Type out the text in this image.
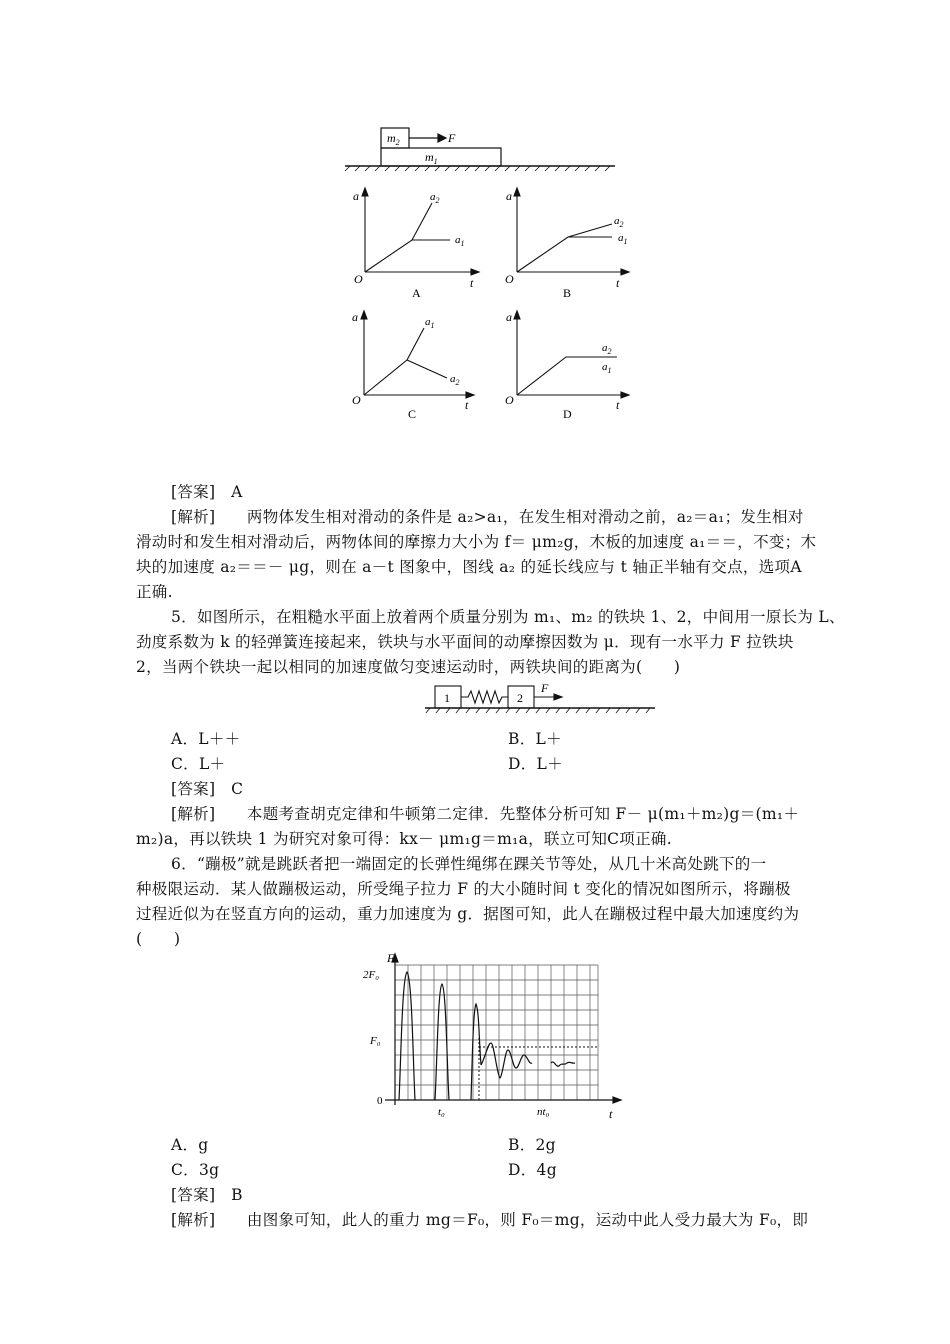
$m_2$	F
$m_1$
a
O	t
$a_2$
$a_1$
A
a
O	t
$a_2$
$a_1$
B
a
O	t
$a_1$
$a_2$
C
a
O	t
$a_2$
$a_1$
D
[答案]　A
[解析]　　两物体发生相对滑动的条件是 a₂>a₁，在发生相对滑动之前，a₂＝a₁；发生相对
滑动时和发生相对滑动后，两物体间的摩擦力大小为 f＝ μm₂g，木板的加速度 a₁＝＝，不变；木
块的加速度 a₂＝＝－ μg，则在 a－t 图象中，图线 a₂ 的延长线应与 t 轴正半轴有交点，选项A
正确.
5．如图所示，在粗糙水平面上放着两个质量分别为 m₁、m₂ 的铁块 1、2，中间用一原长为 L、
劲度系数为 k 的轻弹簧连接起来，铁块与水平面间的动摩擦因数为 μ．现有一水平力 F 拉铁块
2，当两个铁块一起以相同的加速度做匀变速运动时，两铁块间的距离为(　　)
1	2
F
A．L＋＋	B．L＋
C．L＋	D．L＋
[答案]　C
[解析]　　本题考查胡克定律和牛顿第二定律．先整体分析可知 F－ μ(m₁＋m₂)g＝(m₁＋
m₂)a，再以铁块 1 为研究对象可得：kx－ μm₁g＝m₁a，联立可知C项正确.
6．“蹦极”就是跳跃者把一端固定的长弹性绳绑在踝关节等处，从几十米高处跳下的一
种极限运动．某人做蹦极运动，所受绳子拉力 F 的大小随时间 t 变化的情况如图所示，将蹦极
过程近似为在竖直方向的运动，重力加速度为 g．据图可知，此人在蹦极过程中最大加速度约为
(　　)
F
t
2F₀
F₀
0
t₀	nt₀
A．g	B．2g
C．3g	D．4g
[答案]　B
[解析]　　由图象可知，此人的重力 mg＝F₀，则 F₀＝mg，运动中此人受力最大为 F₀，即
